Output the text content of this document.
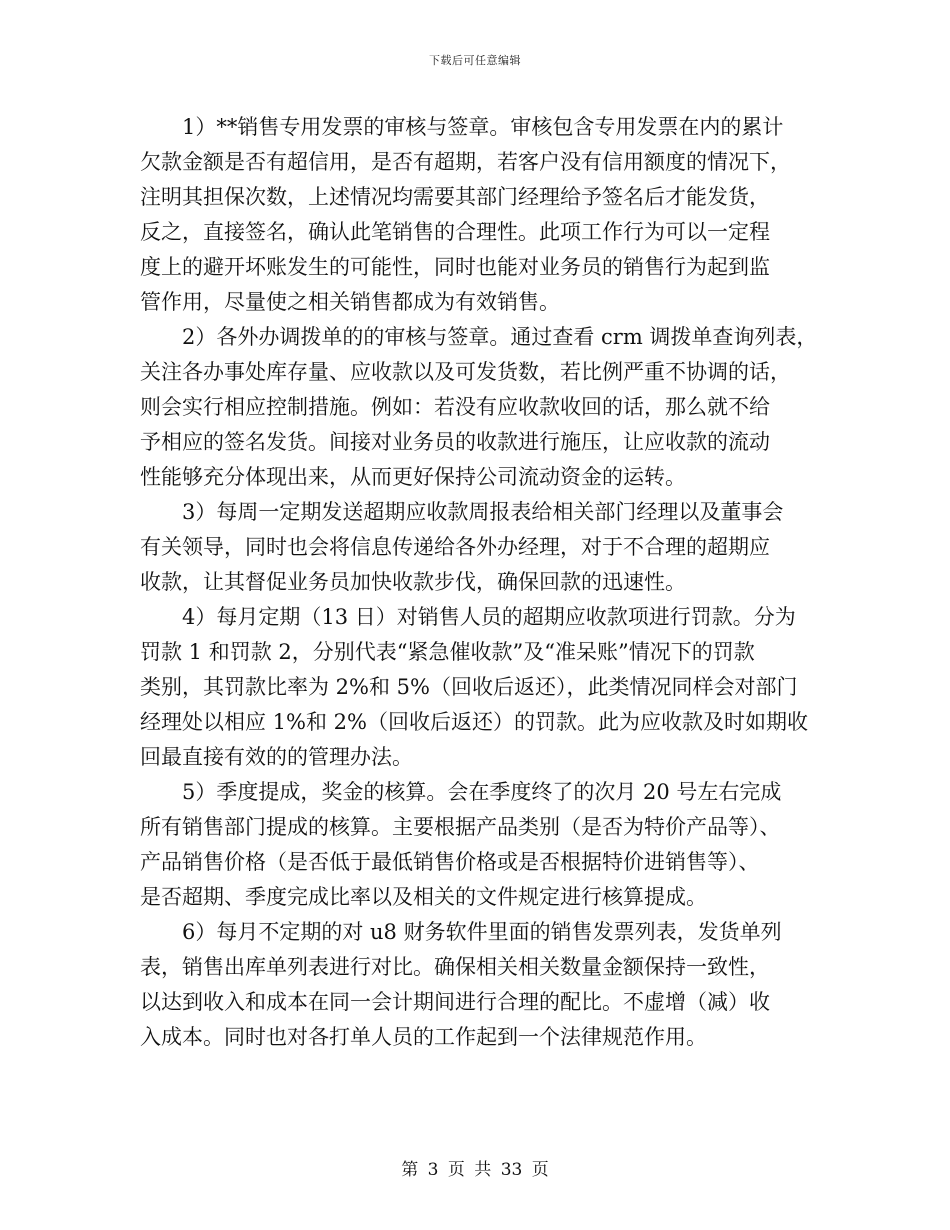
下载后可任意编辑

1）**销售专用发票的审核与签章。审核包含专用发票在内的累计
欠款金额是否有超信用，是否有超期，若客户没有信用额度的情况下，
注明其担保次数，上述情况均需要其部门经理给予签名后才能发货，
反之，直接签名，确认此笔销售的合理性。此项工作行为可以一定程
度上的避开坏账发生的可能性，同时也能对业务员的销售行为起到监
管作用，尽量使之相关销售都成为有效销售。

2）各外办调拨单的的审核与签章。通过查看 crm 调拨单查询列表，
关注各办事处库存量、应收款以及可发货数，若比例严重不协调的话，
则会实行相应控制措施。例如：若没有应收款收回的话，那么就不给
予相应的签名发货。间接对业务员的收款进行施压，让应收款的流动
性能够充分体现出来，从而更好保持公司流动资金的运转。

3）每周一定期发送超期应收款周报表给相关部门经理以及董事会
有关领导，同时也会将信息传递给各外办经理，对于不合理的超期应
收款，让其督促业务员加快收款步伐，确保回款的迅速性。

4）每月定期（13 日）对销售人员的超期应收款项进行罚款。分为
罚款 1 和罚款 2，分别代表“紧急催收款”及“准呆账”情况下的罚款
类别，其罚款比率为 2%和 5%（回收后返还），此类情况同样会对部门
经理处以相应 1%和 2%（回收后返还）的罚款。此为应收款及时如期收
回最直接有效的的管理办法。

5）季度提成，奖金的核算。会在季度终了的次月 20 号左右完成
所有销售部门提成的核算。主要根据产品类别（是否为特价产品等）、
产品销售价格（是否低于最低销售价格或是否根据特价进销售等）、
是否超期、季度完成比率以及相关的文件规定进行核算提成。

6）每月不定期的对 u8 财务软件里面的销售发票列表，发货单列
表，销售出库单列表进行对比。确保相关相关数量金额保持一致性，
以达到收入和成本在同一会计期间进行合理的配比。不虚增（减）收
入成本。同时也对各打单人员的工作起到一个法律规范作用。

第 3 页 共 33 页
